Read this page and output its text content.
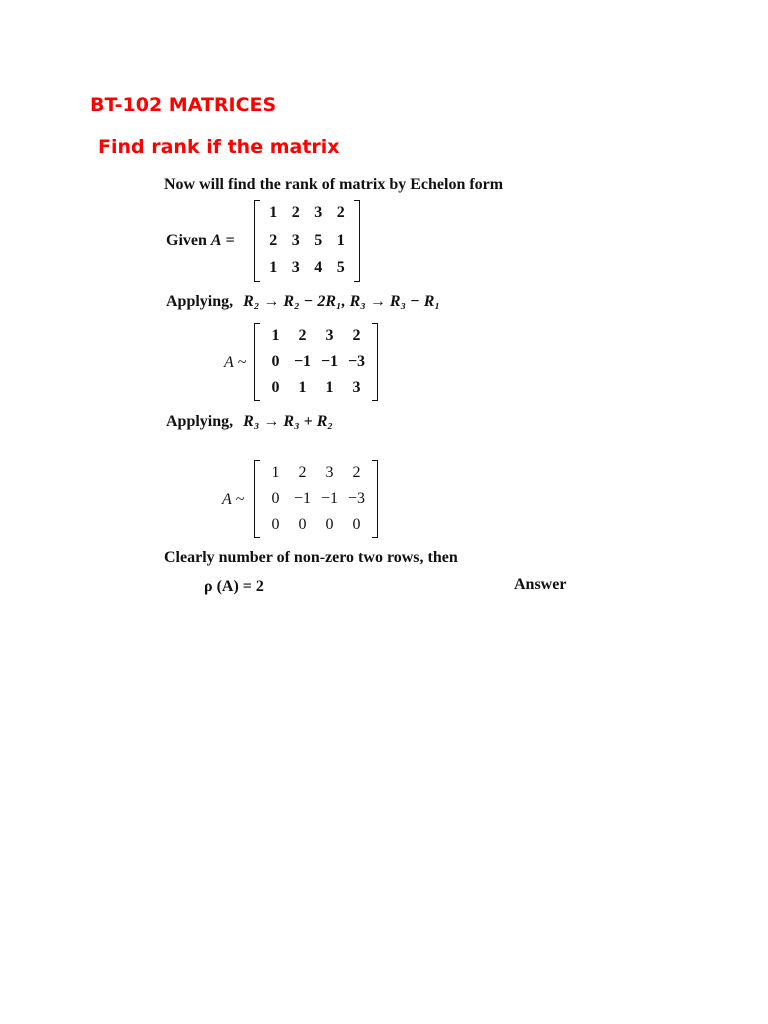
BT-102 MATRICES
Find rank if the matrix
Now will find the rank of matrix by Echelon form
Given A =
1 2 3 2
2 3 5 1
1 3 4 5
Applying, R₂ → R₂ − 2R₁, R₃ → R₃ − R₁
A ~
1	2	3	2
0 −1 −1 −3
0	1	1	3
Applying, R₃ → R₃ + R₂
A ~
1	2	3	2
0 −1 −1 −3
0	0	0	0
Clearly number of non-zero two rows, then
ρ (A) = 2	Answer
